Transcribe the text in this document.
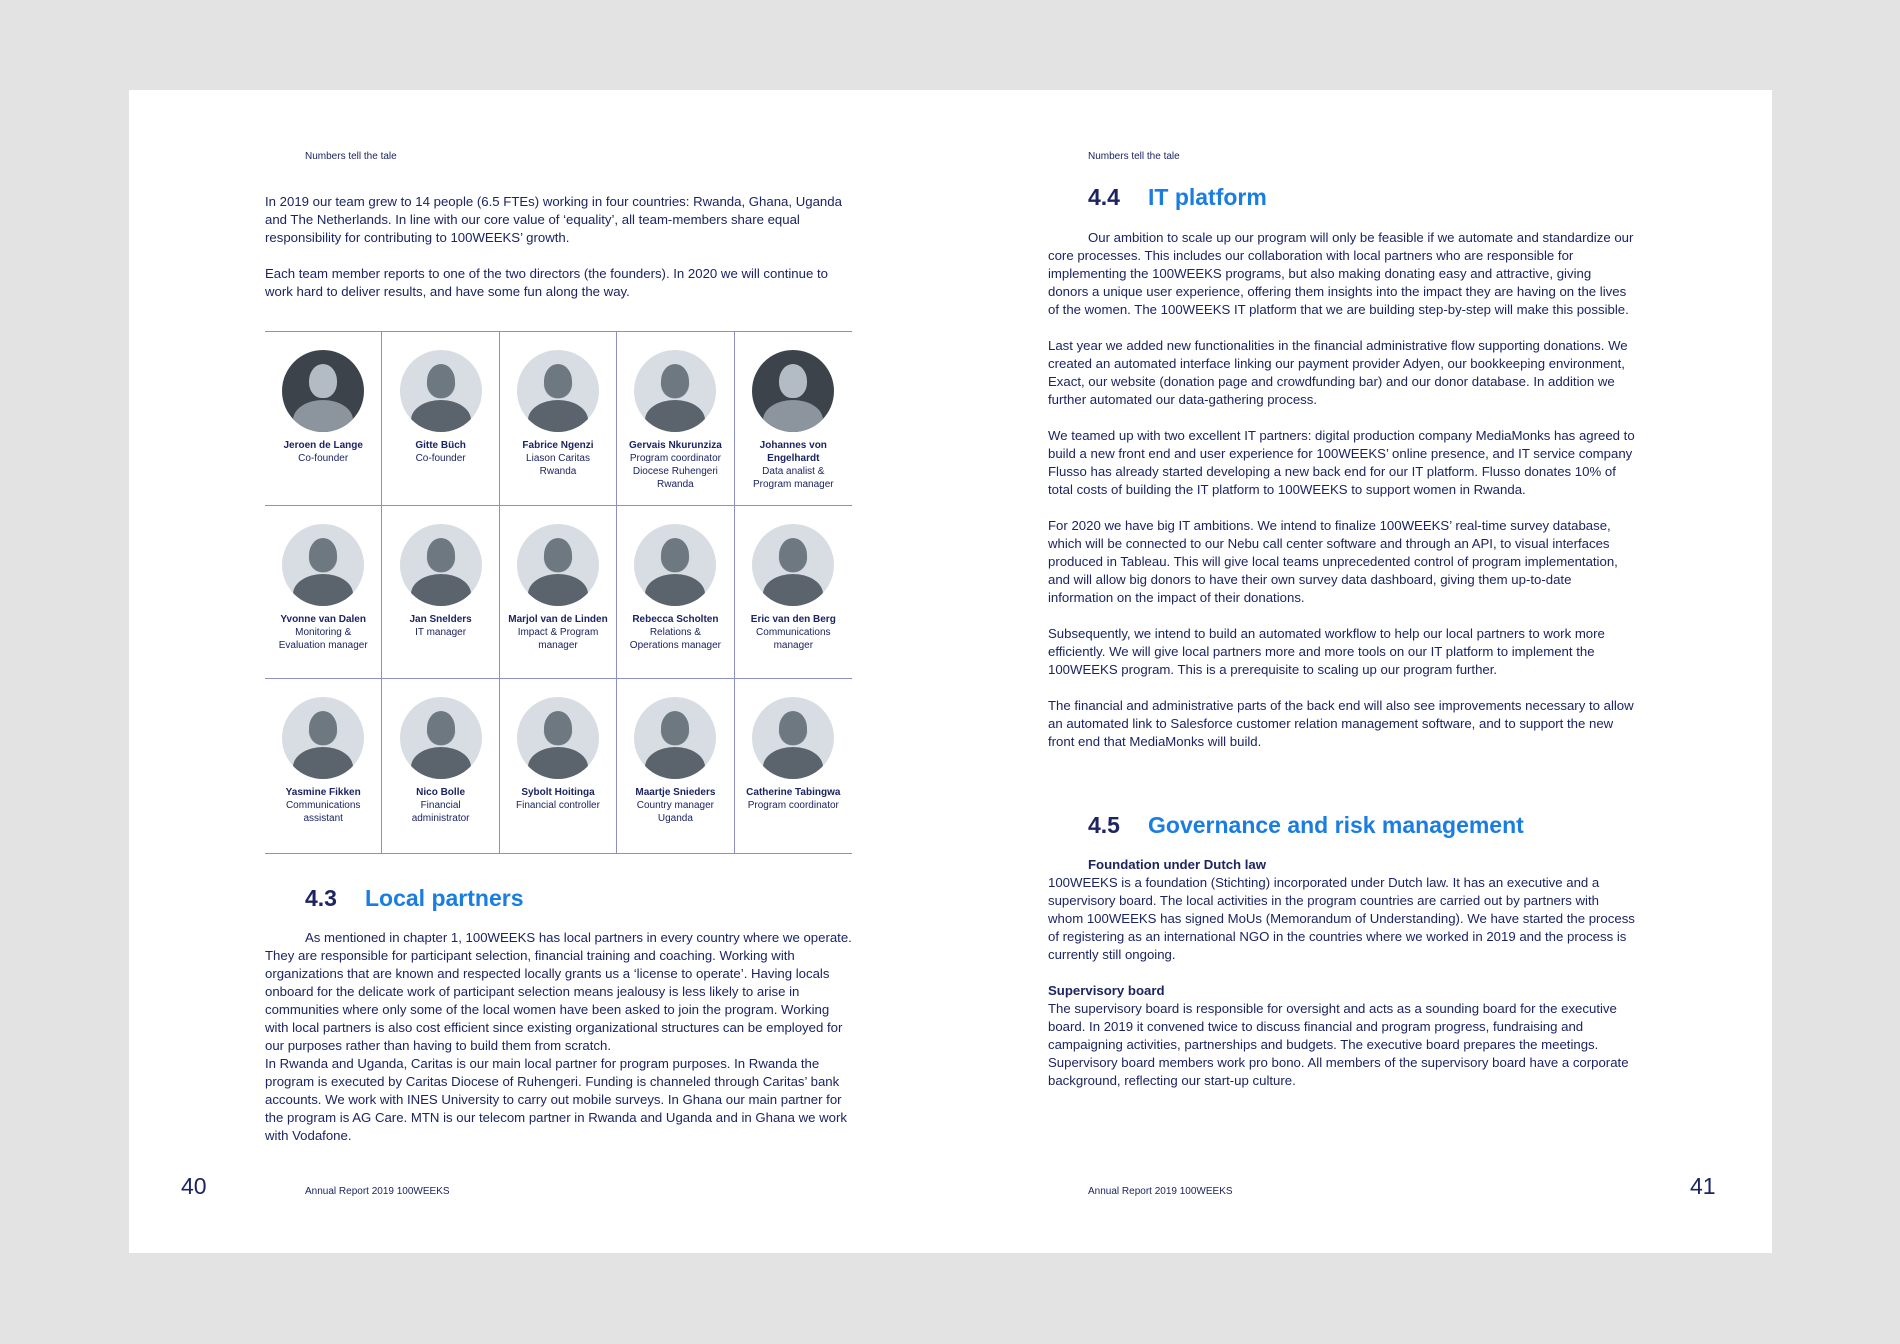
Numbers tell the tale

In 2019 our team grew to 14 people (6.5 FTEs) working in four countries: Rwanda, Ghana, Uganda and The Netherlands. In line with our core value of ‘equality’, all team-members share equal responsibility for contributing to 100WEEKS’ growth.

Each team member reports to one of the two directors (the founders). In 2020 we will continue to work hard to deliver results, and have some fun along the way.

Jeroen de Lange
Co-founder
Gitte Büch
Co-founder
Fabrice Ngenzi
Liason Caritas Rwanda
Gervais Nkurunziza
Program coordinator Diocese Ruhengeri Rwanda
Johannes von Engelhardt
Data analist & Program manager
Yvonne van Dalen
Monitoring & Evaluation manager
Jan Snelders
IT manager
Marjol van de Linden
Impact & Program manager
Rebecca Scholten
Relations & Operations manager
Eric van den Berg
Communications manager
Yasmine Fikken
Communications assistant
Nico Bolle
Financial administrator
Sybolt Hoitinga
Financial controller
Maartje Snieders
Country manager Uganda
Catherine Tabingwa
Program coordinator
4.3 Local partners

As mentioned in chapter 1, 100WEEKS has local partners in every country where we operate. They are responsible for participant selection, financial training and coaching. Working with organizations that are known and respected locally grants us a ‘license to operate’. Having locals onboard for the delicate work of participant selection means jealousy is less likely to arise in communities where only some of the local women have been asked to join the program. Working with local partners is also cost efficient since existing organizational structures can be employed for our purposes rather than having to build them from scratch.

In Rwanda and Uganda, Caritas is our main local partner for program purposes. In Rwanda the program is executed by Caritas Diocese of Ruhengeri. Funding is channeled through Caritas’ bank accounts. We work with INES University to carry out mobile surveys. In Ghana our main partner for the program is AG Care. MTN is our telecom partner in Rwanda and Uganda and in Ghana we work with Vodafone.

40	Annual Report 2019 100WEEKS
Numbers tell the tale
4.4 IT platform

Our ambition to scale up our program will only be feasible if we automate and standardize our core processes. This includes our collaboration with local partners who are responsible for implementing the 100WEEKS programs, but also making donating easy and attractive, giving donors a unique user experience, offering them insights into the impact they are having on the lives of the women. The 100WEEKS IT platform that we are building step-by-step will make this possible.

Last year we added new functionalities in the financial administrative flow supporting donations. We created an automated interface linking our payment provider Adyen, our bookkeeping environment, Exact, our website (donation page and crowdfunding bar) and our donor database. In addition we further automated our data-gathering process.

We teamed up with two excellent IT partners: digital production company MediaMonks has agreed to build a new front end and user experience for 100WEEKS’ online presence, and IT service company Flusso has already started developing a new back end for our IT platform. Flusso donates 10% of total costs of building the IT platform to 100WEEKS to support women in Rwanda.

For 2020 we have big IT ambitions. We intend to finalize 100WEEKS’ real-time survey database, which will be connected to our Nebu call center software and through an API, to visual interfaces produced in Tableau. This will give local teams unprecedented control of program implementation, and will allow big donors to have their own survey data dashboard, giving them up-to-date information on the impact of their donations.

Subsequently, we intend to build an automated workflow to help our local partners to work more efficiently. We will give local partners more and more tools on our IT platform to implement the 100WEEKS program. This is a prerequisite to scaling up our program further.

The financial and administrative parts of the back end will also see improvements necessary to allow an automated link to Salesforce customer relation management software, and to support the new front end that MediaMonks will build.

4.5 Governance and risk management

Foundation under Dutch law
100WEEKS is a foundation (Stichting) incorporated under Dutch law. It has an executive and a supervisory board. The local activities in the program countries are carried out by partners with whom 100WEEKS has signed MoUs (Memorandum of Understanding). We have started the process of registering as an international NGO in the countries where we worked in 2019 and the process is currently still ongoing.

Supervisory board
The supervisory board is responsible for oversight and acts as a sounding board for the executive board. In 2019 it convened twice to discuss financial and program progress, fundraising and campaigning activities, partnerships and budgets. The executive board prepares the meetings. Supervisory board members work pro bono. All members of the supervisory board have a corporate background, reflecting our start-up culture.

Annual Report 2019 100WEEKS	41
